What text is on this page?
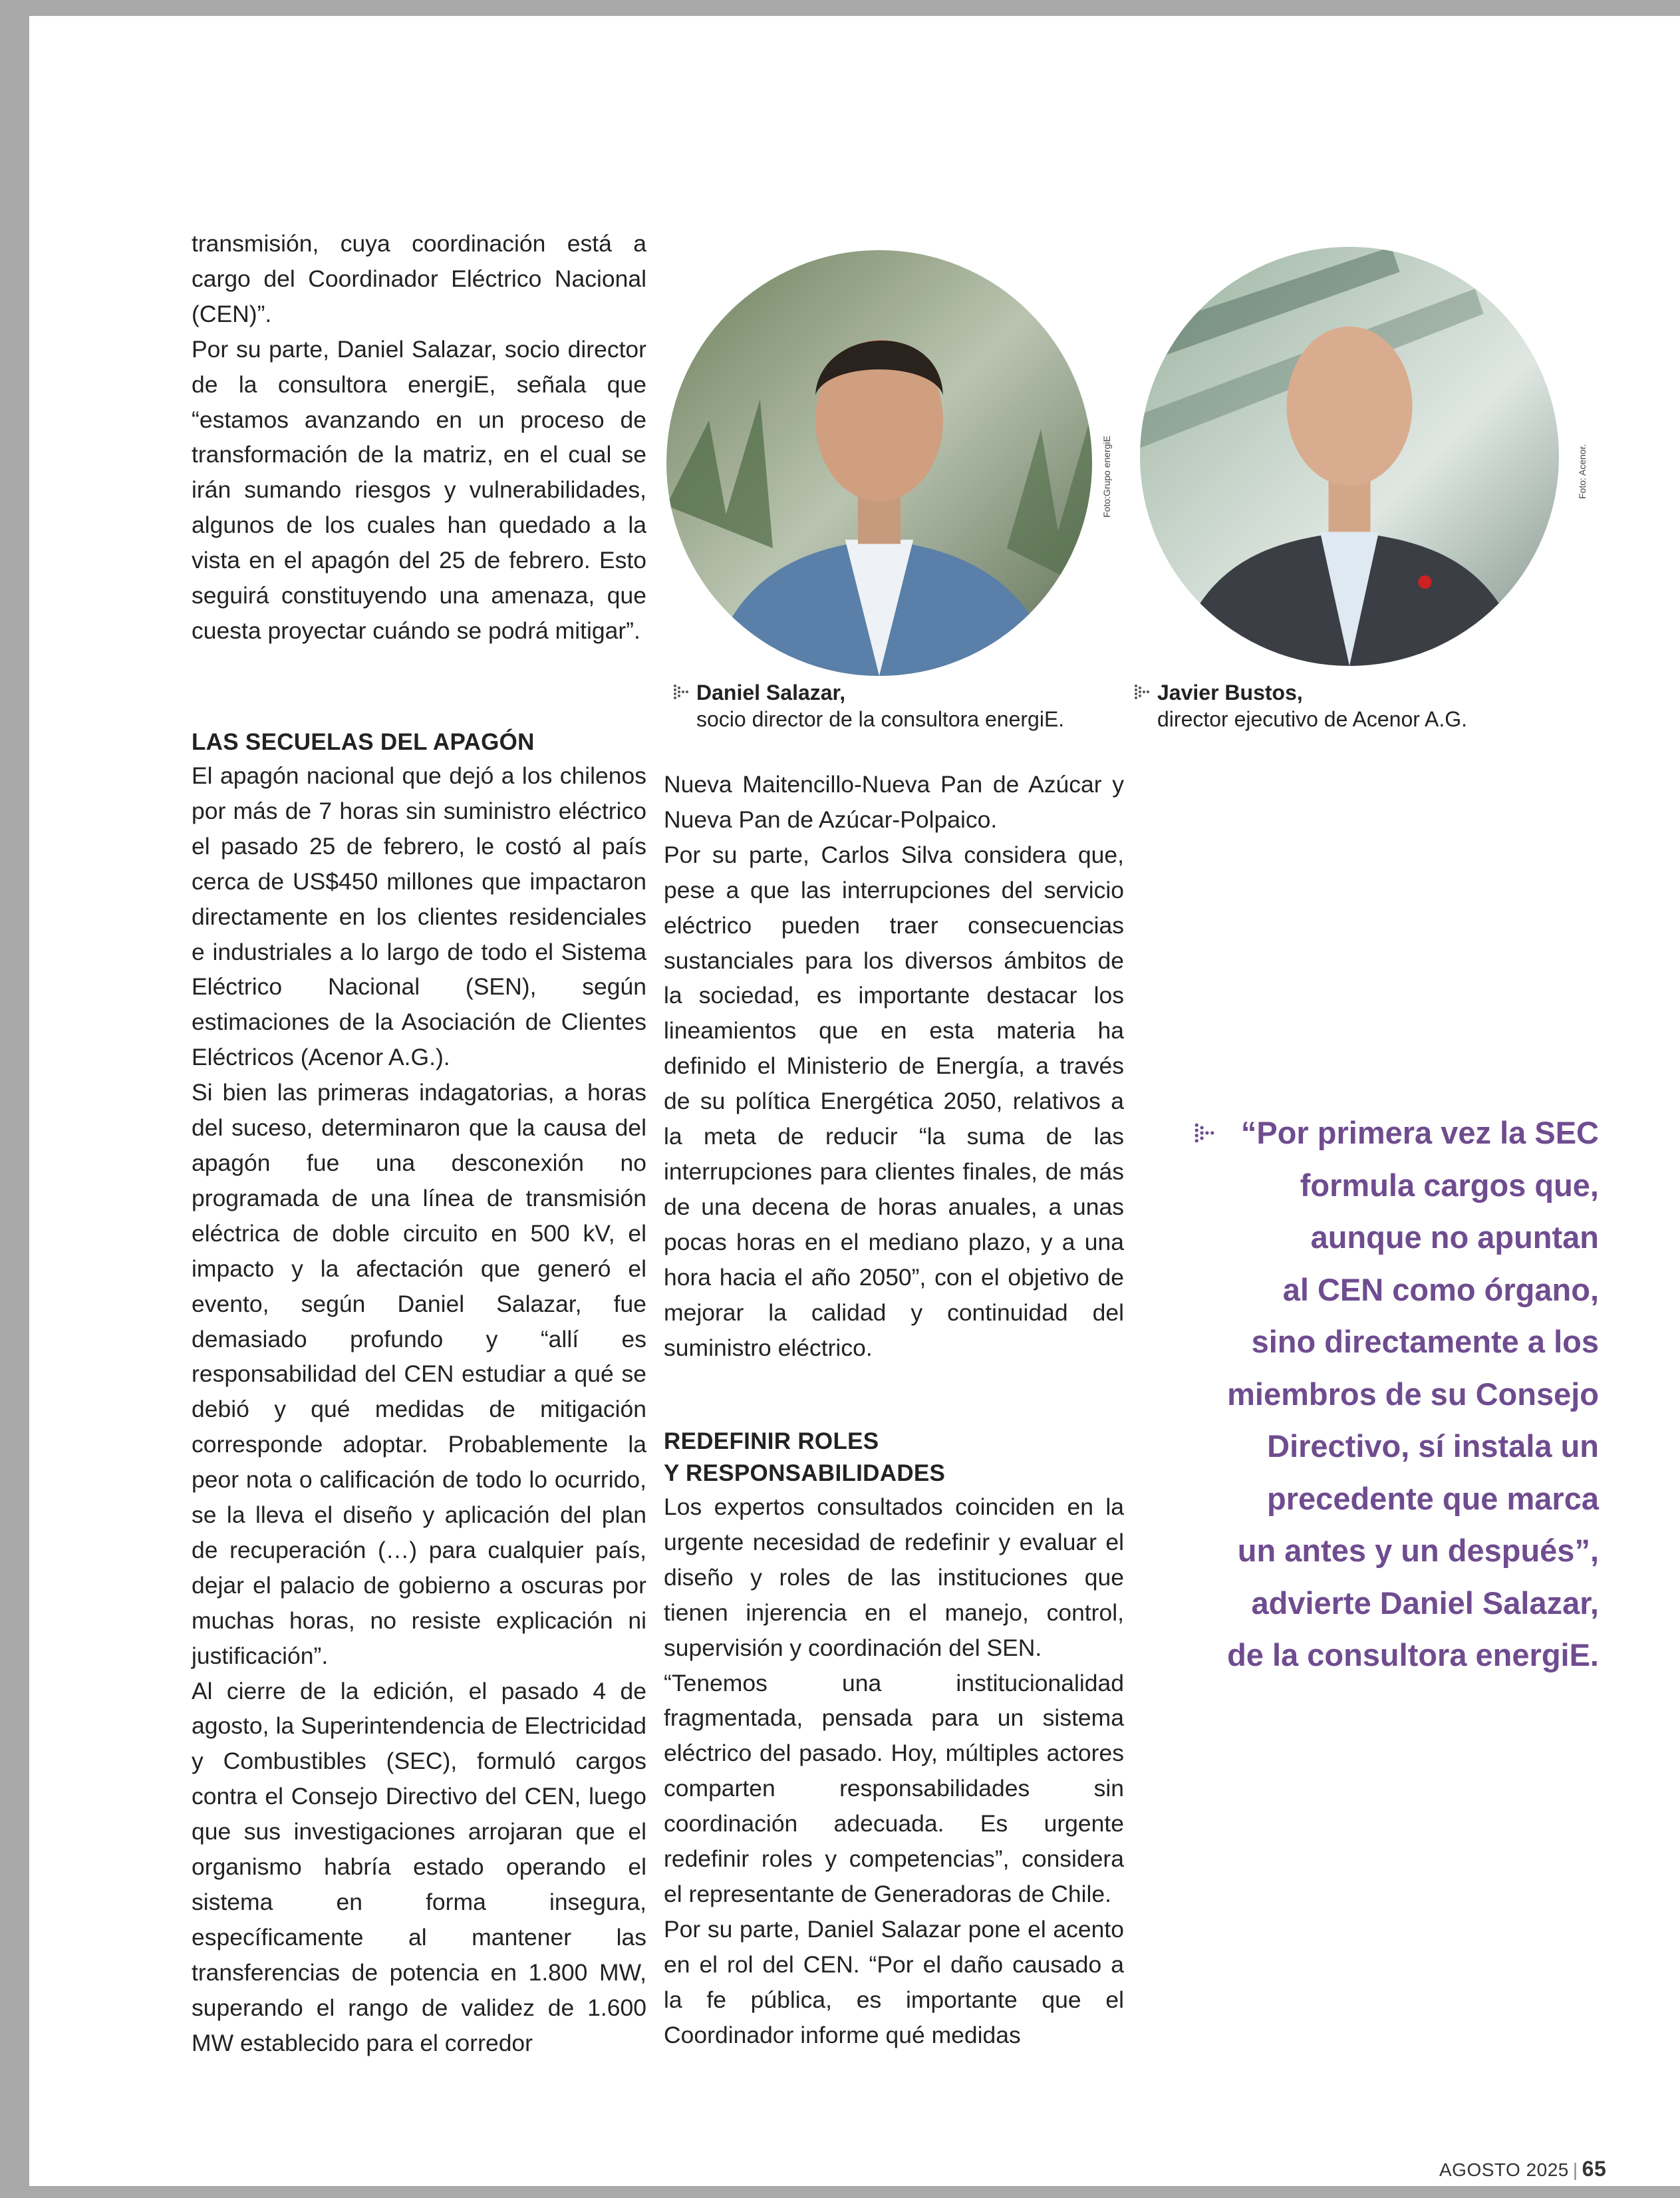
transmisión, cuya coordinación está a cargo del Coordinador Eléctrico Nacional (CEN)”.

Por su parte, Daniel Salazar, socio director de la consultora energiE, señala que “estamos avanzando en un proceso de transformación de la matriz, en el cual se irán sumando riesgos y vulnerabilidades, algunos de los cuales han quedado a la vista en el apagón del 25 de febrero. Esto seguirá constituyendo una amenaza, que cuesta proyectar cuándo se podrá mitigar”.

LAS SECUELAS DEL APAGÓN

El apagón nacional que dejó a los chilenos por más de 7 horas sin suministro eléctrico el pasado 25 de febrero, le costó al país cerca de US$450 millones que impactaron directamente en los clientes residenciales e industriales a lo largo de todo el Sistema Eléctrico Nacional (SEN), según estimaciones de la Asociación de Clientes Eléctricos (Acenor A.G.).

Si bien las primeras indagatorias, a horas del suceso, determinaron que la causa del apagón fue una desconexión no programada de una línea de transmisión eléctrica de doble circuito en 500 kV, el impacto y la afectación que generó el evento, según Daniel Salazar, fue demasiado profundo y “allí es responsabilidad del CEN estudiar a qué se debió y qué medidas de mitigación corresponde adoptar. Probablemente la peor nota o calificación de todo lo ocurrido, se la lleva el diseño y aplicación del plan de recuperación (…) para cualquier país, dejar el palacio de gobierno a oscuras por muchas horas, no resiste explicación ni justificación”.

Al cierre de la edición, el pasado 4 de agosto, la Superintendencia de Electricidad y Combustibles (SEC), formuló cargos contra el Consejo Directivo del CEN, luego que sus investigaciones arrojaran que el organismo habría estado operando el sistema en forma insegura, específicamente al mantener las transferencias de potencia en 1.800 MW, superando el rango de validez de 1.600 MW establecido para el corredor

Foto:Grupo energiE	Foto: Acenor.
Daniel Salazar,
socio director de la consultora energiE.
Javier Bustos,
director ejecutivo de Acenor A.G.

Nueva Maitencillo-Nueva Pan de Azúcar y Nueva Pan de Azúcar-Polpaico.

Por su parte, Carlos Silva considera que, pese a que las interrupciones del servicio eléctrico pueden traer consecuencias sustanciales para los diversos ámbitos de la sociedad, es importante destacar los lineamientos que en esta materia ha definido el Ministerio de Energía, a través de su política Energética 2050, relativos a la meta de reducir “la suma de las interrupciones para clientes finales, de más de una decena de horas anuales, a unas pocas horas en el mediano plazo, y a una hora hacia el año 2050”, con el objetivo de mejorar la calidad y continuidad del suministro eléctrico.

REDEFINIR ROLES
Y RESPONSABILIDADES

Los expertos consultados coinciden en la urgente necesidad de redefinir y evaluar el diseño y roles de las instituciones que tienen injerencia en el manejo, control, supervisión y coordinación del SEN.

“Tenemos una institucionalidad fragmentada, pensada para un sistema eléctrico del pasado. Hoy, múltiples actores comparten responsabilidades sin coordinación adecuada. Es urgente redefinir roles y competencias”, considera el representante de Generadoras de Chile.

Por su parte, Daniel Salazar pone el acento en el rol del CEN. “Por el daño causado a la fe pública, es importante que el Coordinador informe qué medidas

“Por primera vez la SEC
formula cargos que,
aunque no apuntan
al CEN como órgano,
sino directamente a los
miembros de su Consejo
Directivo, sí instala un
precedente que marca
un antes y un después”,
advierte Daniel Salazar,
de la consultora energiE.
AGOSTO 2025 | 65
